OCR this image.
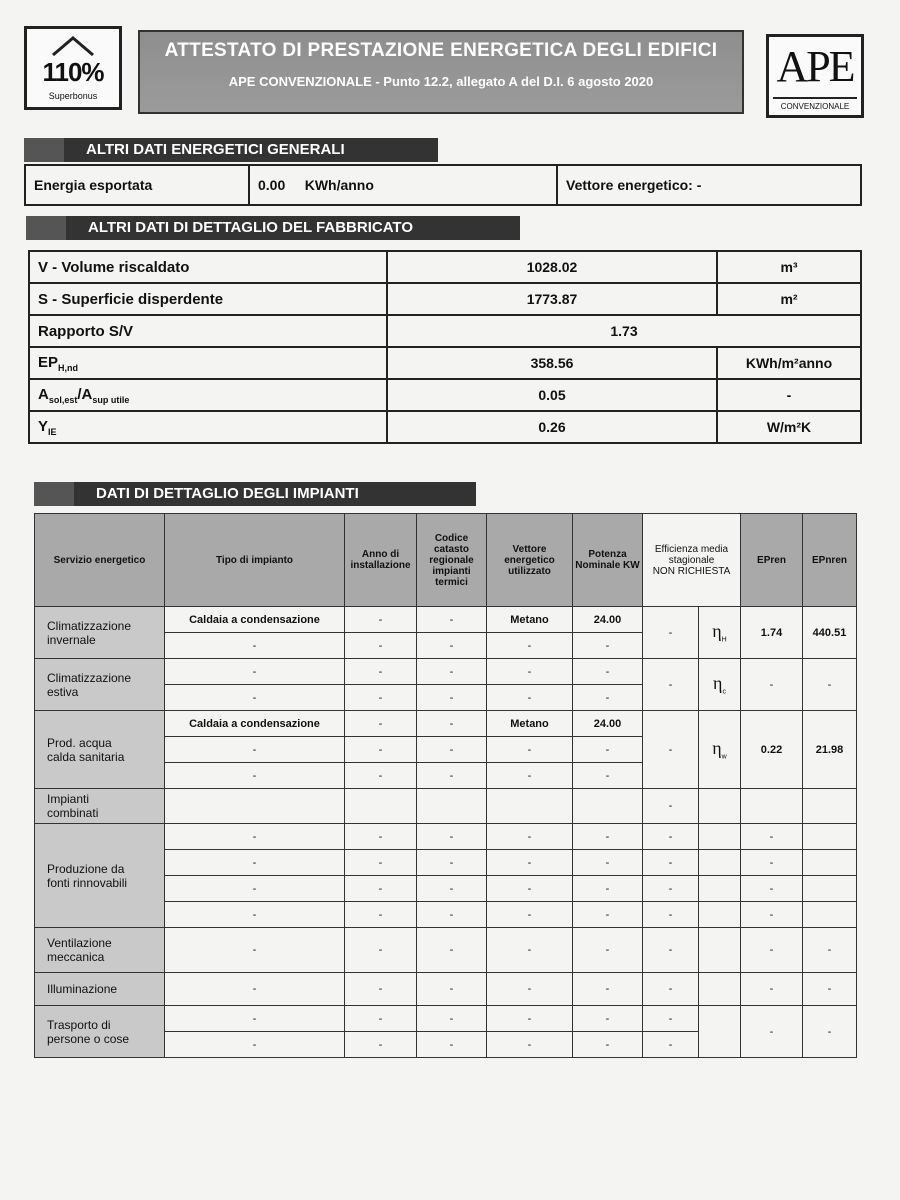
110%
Superbonus
ATTESTATO DI PRESTAZIONE ENERGETICA DEGLI EDIFICI
APE CONVENZIONALE - Punto 12.2, allegato A del D.I. 6 agosto 2020	APE
CONVENZIONALE
ALTRI DATI ENERGETICI GENERALI
Energia esportata	0.00 KWh/anno	Vettore energetico: -
ALTRI DATI DI DETTAGLIO DEL FABBRICATO
V - Volume riscaldato	1028.02	m³
S - Superficie disperdente	1773.87	m²
Rapporto S/V	1.73	
$EP_{H,nd}$	358.56	KWh/m²anno
$A_{sol,est}/A_{sup utile}$	0.05	-
$Y_{IE}$	0.26	W/m²K
DATI DI DETTAGLIO DEGLI IMPIANTI
Servizio energetico	Tipo di impianto	Anno di installazione	Codice catasto regionale impianti termici	Vettore energetico utilizzato	Potenza Nominale KW	Efficienza media stagionale
NON RICHIESTA		EPren	EPnren
Climatizzazione
invernale	Caldaia a condensazione	-	-	Metano	24.00	-	$\eta_H$	1.74	440.51
	-	-	-	-	-				
Climatizzazione
estiva	-	-	-	-	-	-	$\eta_c$	-	-
	-	-	-	-	-				
Prod. acqua
calda sanitaria	Caldaia a condensazione	-	-	Metano	24.00	-	$\eta_w$	0.22	21.98
	-	-	-	-	-				
	-	-	-	-	-				
Impianti
combinati						-			
Produzione da
fonti rinnovabili	-	-	-	-	-	-		-	
	-	-	-	-	-	-		-	
	-	-	-	-	-	-		-	
	-	-	-	-	-	-		-	
Ventilazione
meccanica	-	-	-	-	-	-		-	-
Illuminazione	-	-	-	-	-	-		-	-
Trasporto di
persone o cose	-	-	-	-	-	-		-	-
	-	-	-	-	-	-			
